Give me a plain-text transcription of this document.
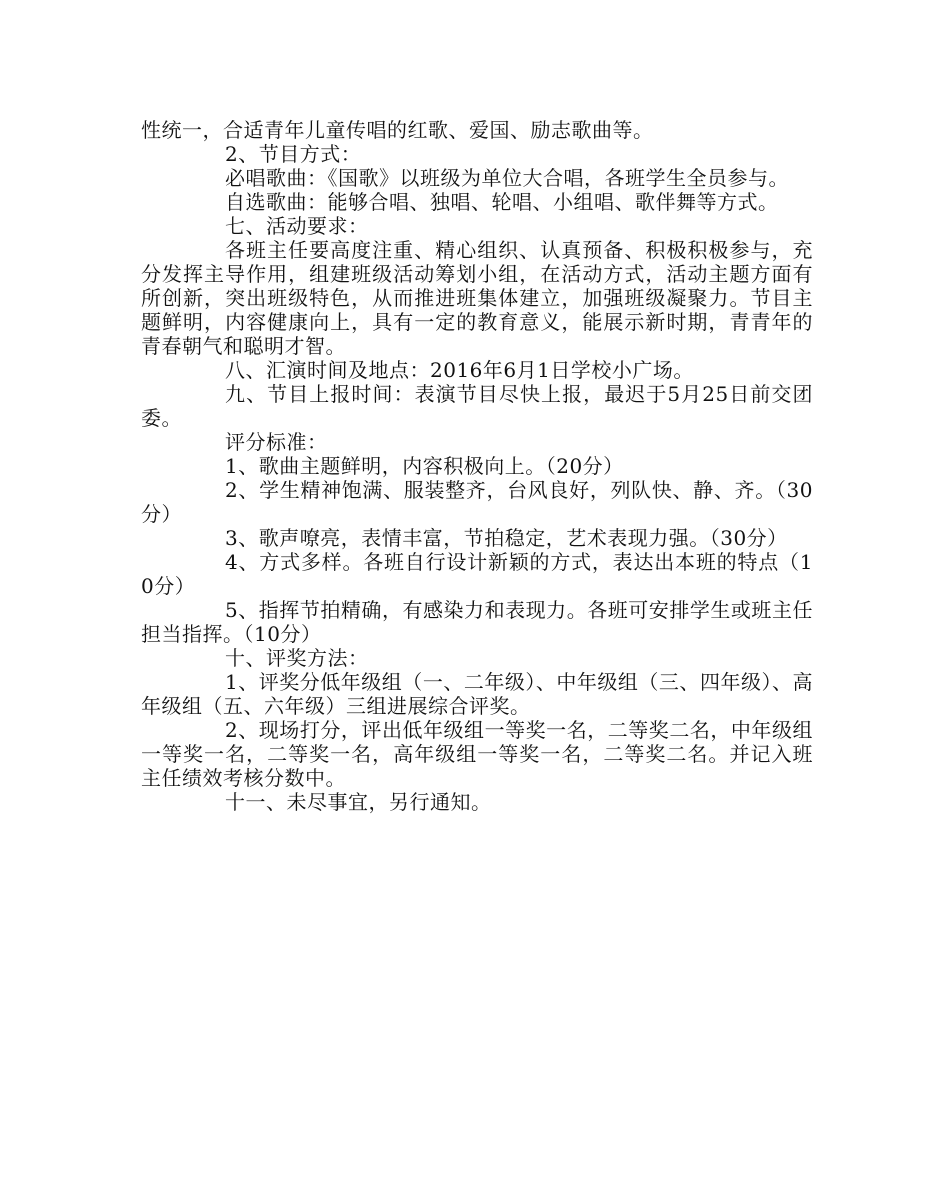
性统一，合适青年儿童传唱的红歌、爱国、励志歌曲等。

2、节目方式：

必唱歌曲：《国歌》以班级为单位大合唱，各班学生全员参与。

自选歌曲：能够合唱、独唱、轮唱、小组唱、歌伴舞等方式。

七、活动要求：

各班主任要高度注重、精心组织、认真预备、积极积极参与，充分发挥主导作用，组建班级活动筹划小组，在活动方式，活动主题方面有所创新，突出班级特色，从而推进班集体建立，加强班级凝聚力。节目主题鲜明，内容健康向上，具有一定的教育意义，能展示新时期，青青年的青春朝气和聪明才智。

八、汇演时间及地点：2016年6月1日学校小广场。

九、节目上报时间：表演节目尽快上报，最迟于5月25日前交团委。

评分标准：

1、歌曲主题鲜明，内容积极向上。（20分）

2、学生精神饱满、服装整齐，台风良好，列队快、静、齐。（30分）

3、歌声嘹亮，表情丰富，节拍稳定，艺术表现力强。（30分）

4、方式多样。各班自行设计新颖的方式，表达出本班的特点（10分）

5、指挥节拍精确，有感染力和表现力。各班可安排学生或班主任担当指挥。（10分）

十、评奖方法：

1、评奖分低年级组（一、二年级）、中年级组（三、四年级）、高年级组（五、六年级）三组进展综合评奖。

2、现场打分，评出低年级组一等奖一名，二等奖二名，中年级组一等奖一名，二等奖一名，高年级组一等奖一名，二等奖二名。并记入班主任绩效考核分数中。

十一、未尽事宜，另行通知。
